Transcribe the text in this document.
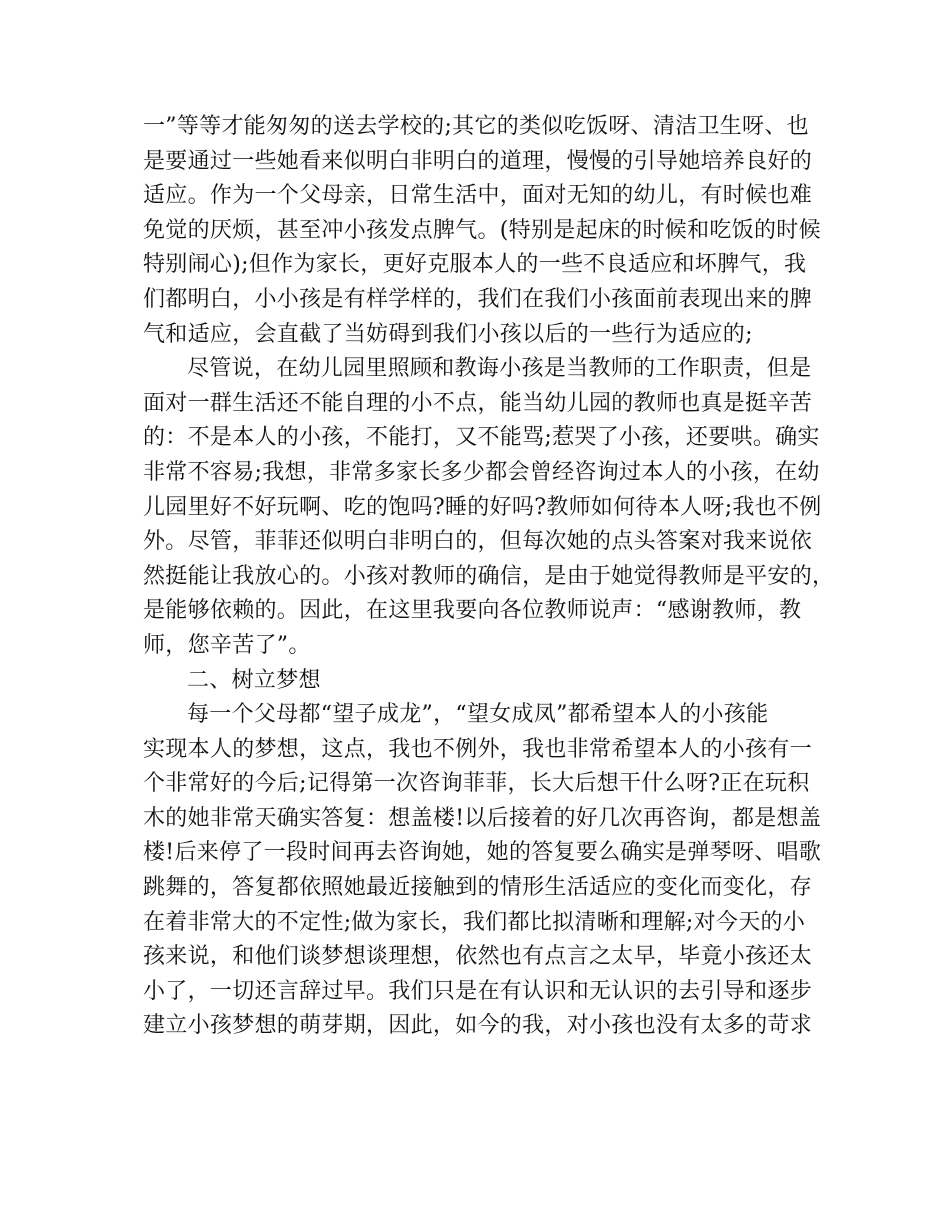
一”等等才能匆匆的送去学校的;其它的类似吃饭呀、清洁卫生呀、也
是要通过一些她看来似明白非明白的道理，慢慢的引导她培养良好的
适应。作为一个父母亲，日常生活中，面对无知的幼儿，有时候也难
免觉的厌烦，甚至冲小孩发点脾气。(特别是起床的时候和吃饭的时候
特别闹心);但作为家长，更好克服本人的一些不良适应和坏脾气，我
们都明白，小小孩是有样学样的，我们在我们小孩面前表现出来的脾
气和适应，会直截了当妨碍到我们小孩以后的一些行为适应的;
尽管说，在幼儿园里照顾和教诲小孩是当教师的工作职责，但是
面对一群生活还不能自理的小不点，能当幼儿园的教师也真是挺辛苦
的：不是本人的小孩，不能打，又不能骂;惹哭了小孩，还要哄。确实
非常不容易;我想，非常多家长多少都会曾经咨询过本人的小孩，在幼
儿园里好不好玩啊、吃的饱吗?睡的好吗?教师如何待本人呀;我也不例
外。尽管，菲菲还似明白非明白的，但每次她的点头答案对我来说依
然挺能让我放心的。小孩对教师的确信，是由于她觉得教师是平安的，
是能够依赖的。因此，在这里我要向各位教师说声：“感谢教师，教
师，您辛苦了”。
二、树立梦想
每一个父母都“望子成龙”，“望女成凤”都希望本人的小孩能
实现本人的梦想，这点，我也不例外，我也非常希望本人的小孩有一
个非常好的今后;记得第一次咨询菲菲，长大后想干什么呀?正在玩积
木的她非常天确实答复：想盖楼!以后接着的好几次再咨询，都是想盖
楼!后来停了一段时间再去咨询她，她的答复要么确实是弹琴呀、唱歌
跳舞的，答复都依照她最近接触到的情形生活适应的变化而变化，存
在着非常大的不定性;做为家长，我们都比拟清晰和理解;对今天的小
孩来说，和他们谈梦想谈理想，依然也有点言之太早，毕竟小孩还太
小了，一切还言辞过早。我们只是在有认识和无认识的去引导和逐步
建立小孩梦想的萌芽期，因此，如今的我，对小孩也没有太多的苛求
